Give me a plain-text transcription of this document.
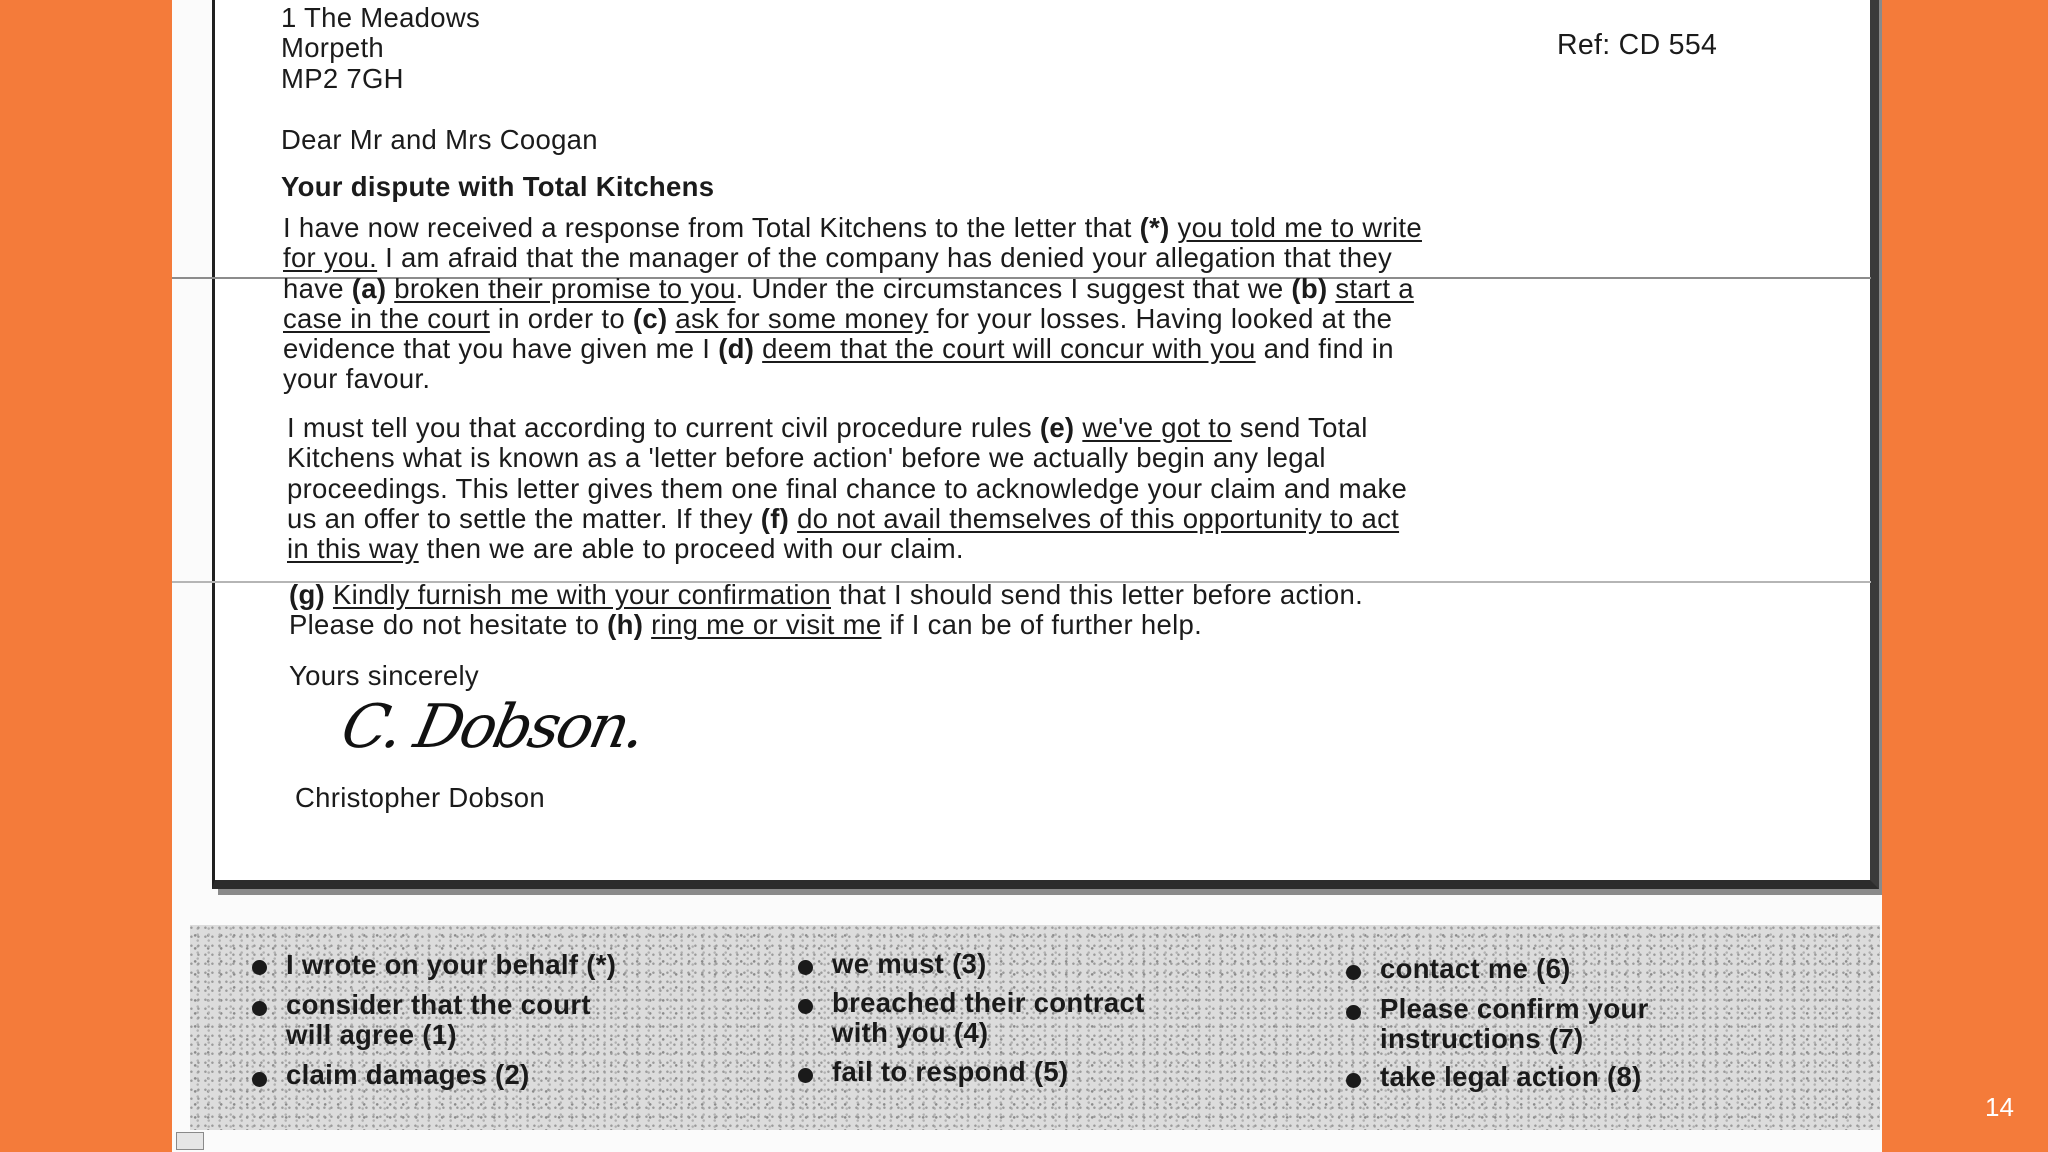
1 The Meadows
Morpeth
MP2 7GH
Ref: CD 554
Dear Mr and Mrs Coogan
Your dispute with Total Kitchens
I have now received a response from Total Kitchens to the letter that (*) you told me to write
for you. I am afraid that the manager of the company has denied your allegation that they
have (a) broken their promise to you. Under the circumstances I suggest that we (b) start a
case in the court in order to (c) ask for some money for your losses. Having looked at the
evidence that you have given me I (d) deem that the court will concur with you and find in
your favour.
I must tell you that according to current civil procedure rules (e) we've got to send Total
Kitchens what is known as a 'letter before action' before we actually begin any legal
proceedings. This letter gives them one final chance to acknowledge your claim and make
us an offer to settle the matter. If they (f) do not avail themselves of this opportunity to act
in this way then we are able to proceed with our claim.
(g) Kindly furnish me with your confirmation that I should send this letter before action.
Please do not hesitate to (h) ring me or visit me if I can be of further help.
Yours sincerely
C. Dobson.
Christopher Dobson
I wrote on your behalf (*)
consider that the court
will agree (1)
claim damages (2)
we must (3)
breached their contract
with you (4)
fail to respond (5)
contact me (6)
Please confirm your
instructions (7)
take legal action (8)
14
